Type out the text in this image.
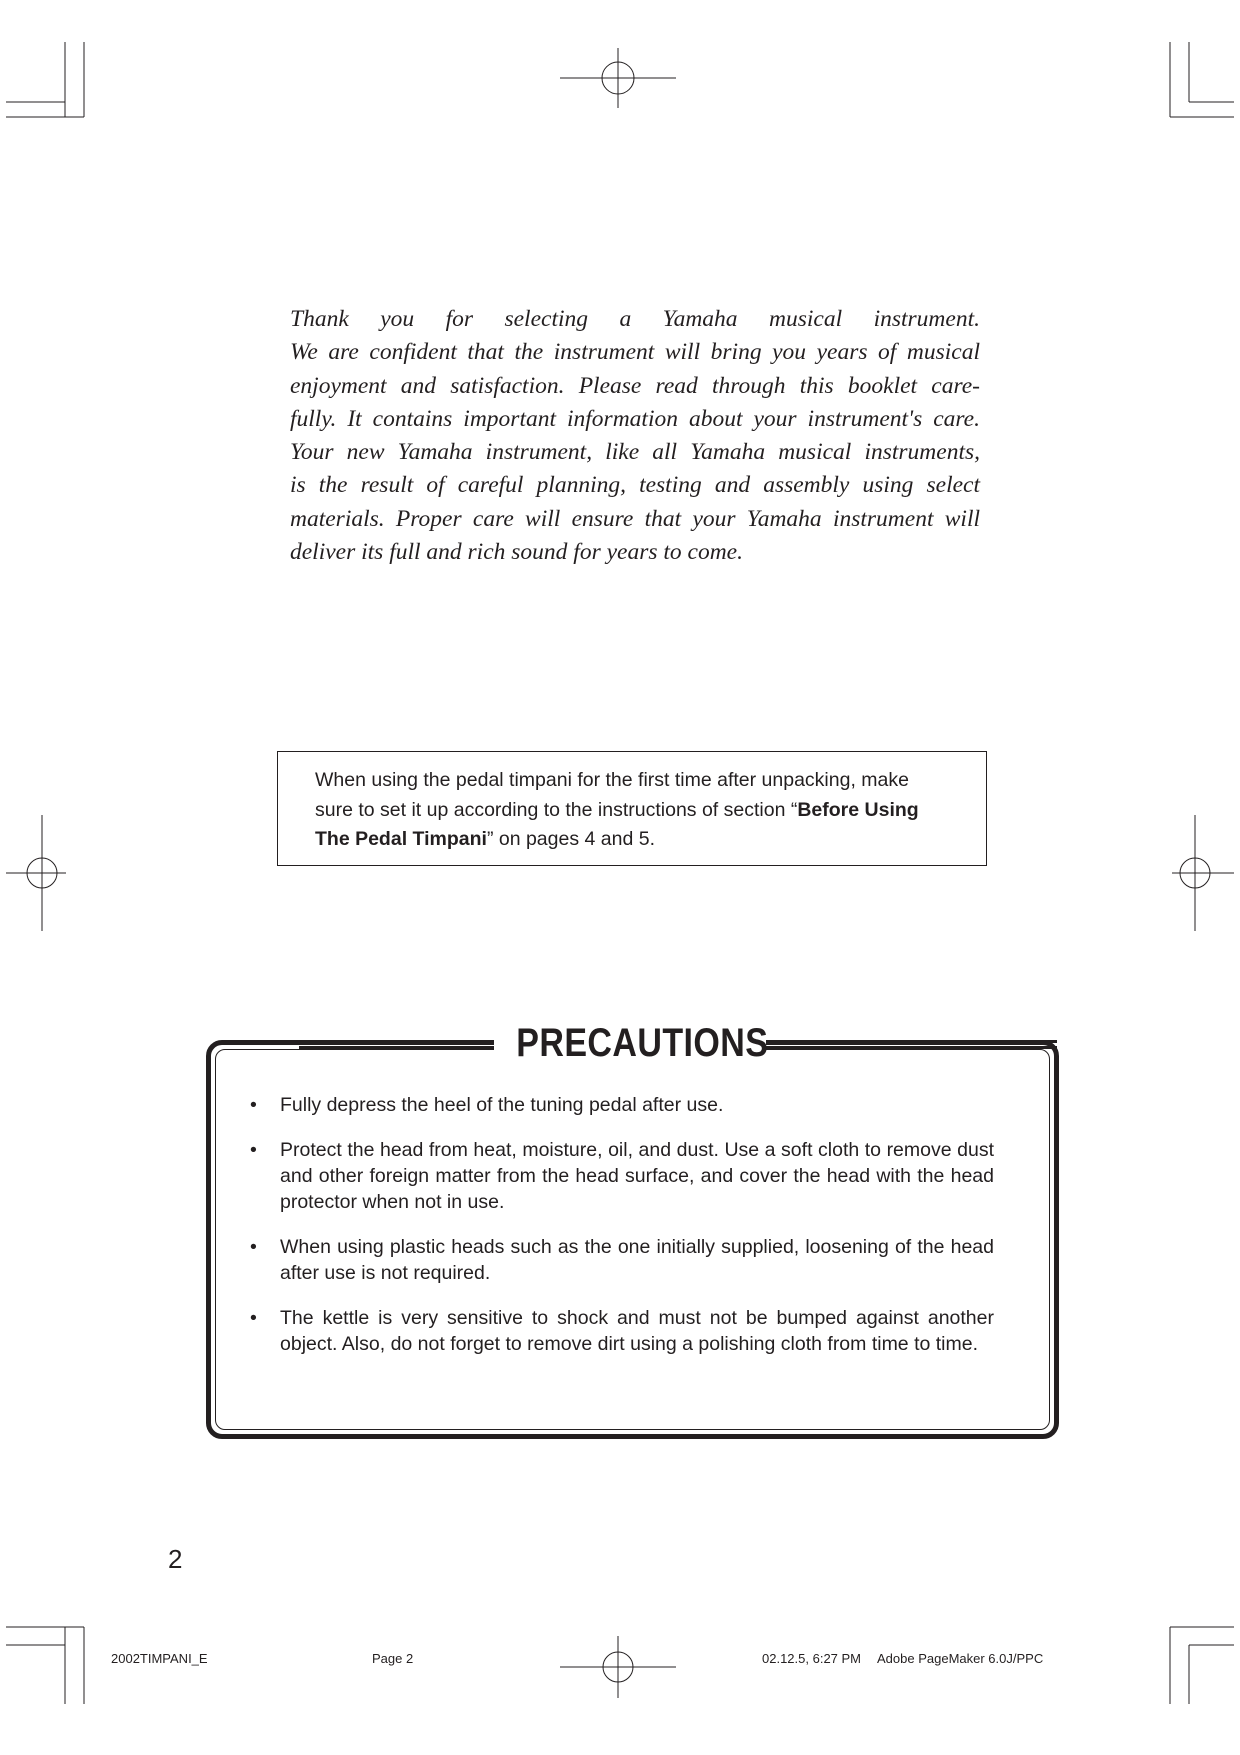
Thank you for selecting a Yamaha musical instrument.
We are confident that the instrument will bring you years of musical
enjoyment and satisfaction. Please read through this booklet care-
fully. It contains important information about your instrument's care.
Your new Yamaha instrument, like all Yamaha musical instruments,
is the result of careful planning, testing and assembly using select
materials. Proper care will ensure that your Yamaha instrument will
deliver its full and rich sound for years to come.

When using the pedal timpani for the first time after unpacking, make sure to set it up according to the instructions of section “Before Using The Pedal Timpani” on pages 4 and 5.
PRECAUTIONS
• Fully depress the heel of the tuning pedal after use.
• Protect the head from heat, moisture, oil, and dust. Use a soft cloth to remove dust and other foreign matter from the head surface, and cover the head with the head protector when not in use.
• When using plastic heads such as the one initially supplied, loosening of the head after use is not required.
• The kettle is very sensitive to shock and must not be bumped against another object. Also, do not forget to remove dirt using a polishing cloth from time to time.
2
2002TIMPANI_E	Page 2	02.12.5, 6:27 PM Adobe PageMaker 6.0J/PPC
